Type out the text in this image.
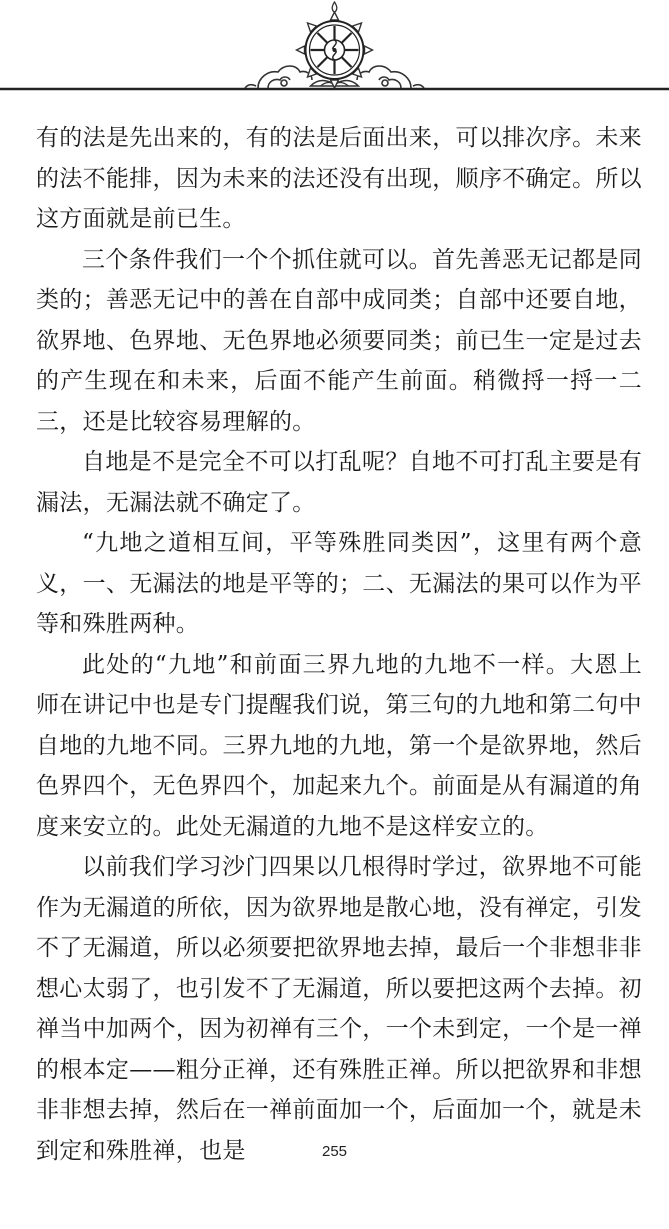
有的法是先出来的，有的法是后面出来，可以排次序。未来的法不能排，因为未来的法还没有出现，顺序不确定。所以这方面就是前已生。

三个条件我们一个个抓住就可以。首先善恶无记都是同类的；善恶无记中的善在自部中成同类；自部中还要自地，欲界地、色界地、无色界地必须要同类；前已生一定是过去的产生现在和未来，后面不能产生前面。稍微捋一捋一二三，还是比较容易理解的。

自地是不是完全不可以打乱呢？自地不可打乱主要是有漏法，无漏法就不确定了。

“九地之道相互间，平等殊胜同类因”，这里有两个意义，一、无漏法的地是平等的；二、无漏法的果可以作为平等和殊胜两种。

此处的“九地”和前面三界九地的九地不一样。大恩上师在讲记中也是专门提醒我们说，第三句的九地和第二句中自地的九地不同。三界九地的九地，第一个是欲界地，然后色界四个，无色界四个，加起来九个。前面是从有漏道的角度来安立的。此处无漏道的九地不是这样安立的。

以前我们学习沙门四果以几根得时学过，欲界地不可能作为无漏道的所依，因为欲界地是散心地，没有禅定，引发不了无漏道，所以必须要把欲界地去掉，最后一个非想非非想心太弱了，也引发不了无漏道，所以要把这两个去掉。初禅当中加两个，因为初禅有三个，一个未到定，一个是一禅的根本定——粗分正禅，还有殊胜正禅。所以把欲界和非想非非想去掉，然后在一禅前面加一个，后面加一个，就是未到定和殊胜禅，也是	255
